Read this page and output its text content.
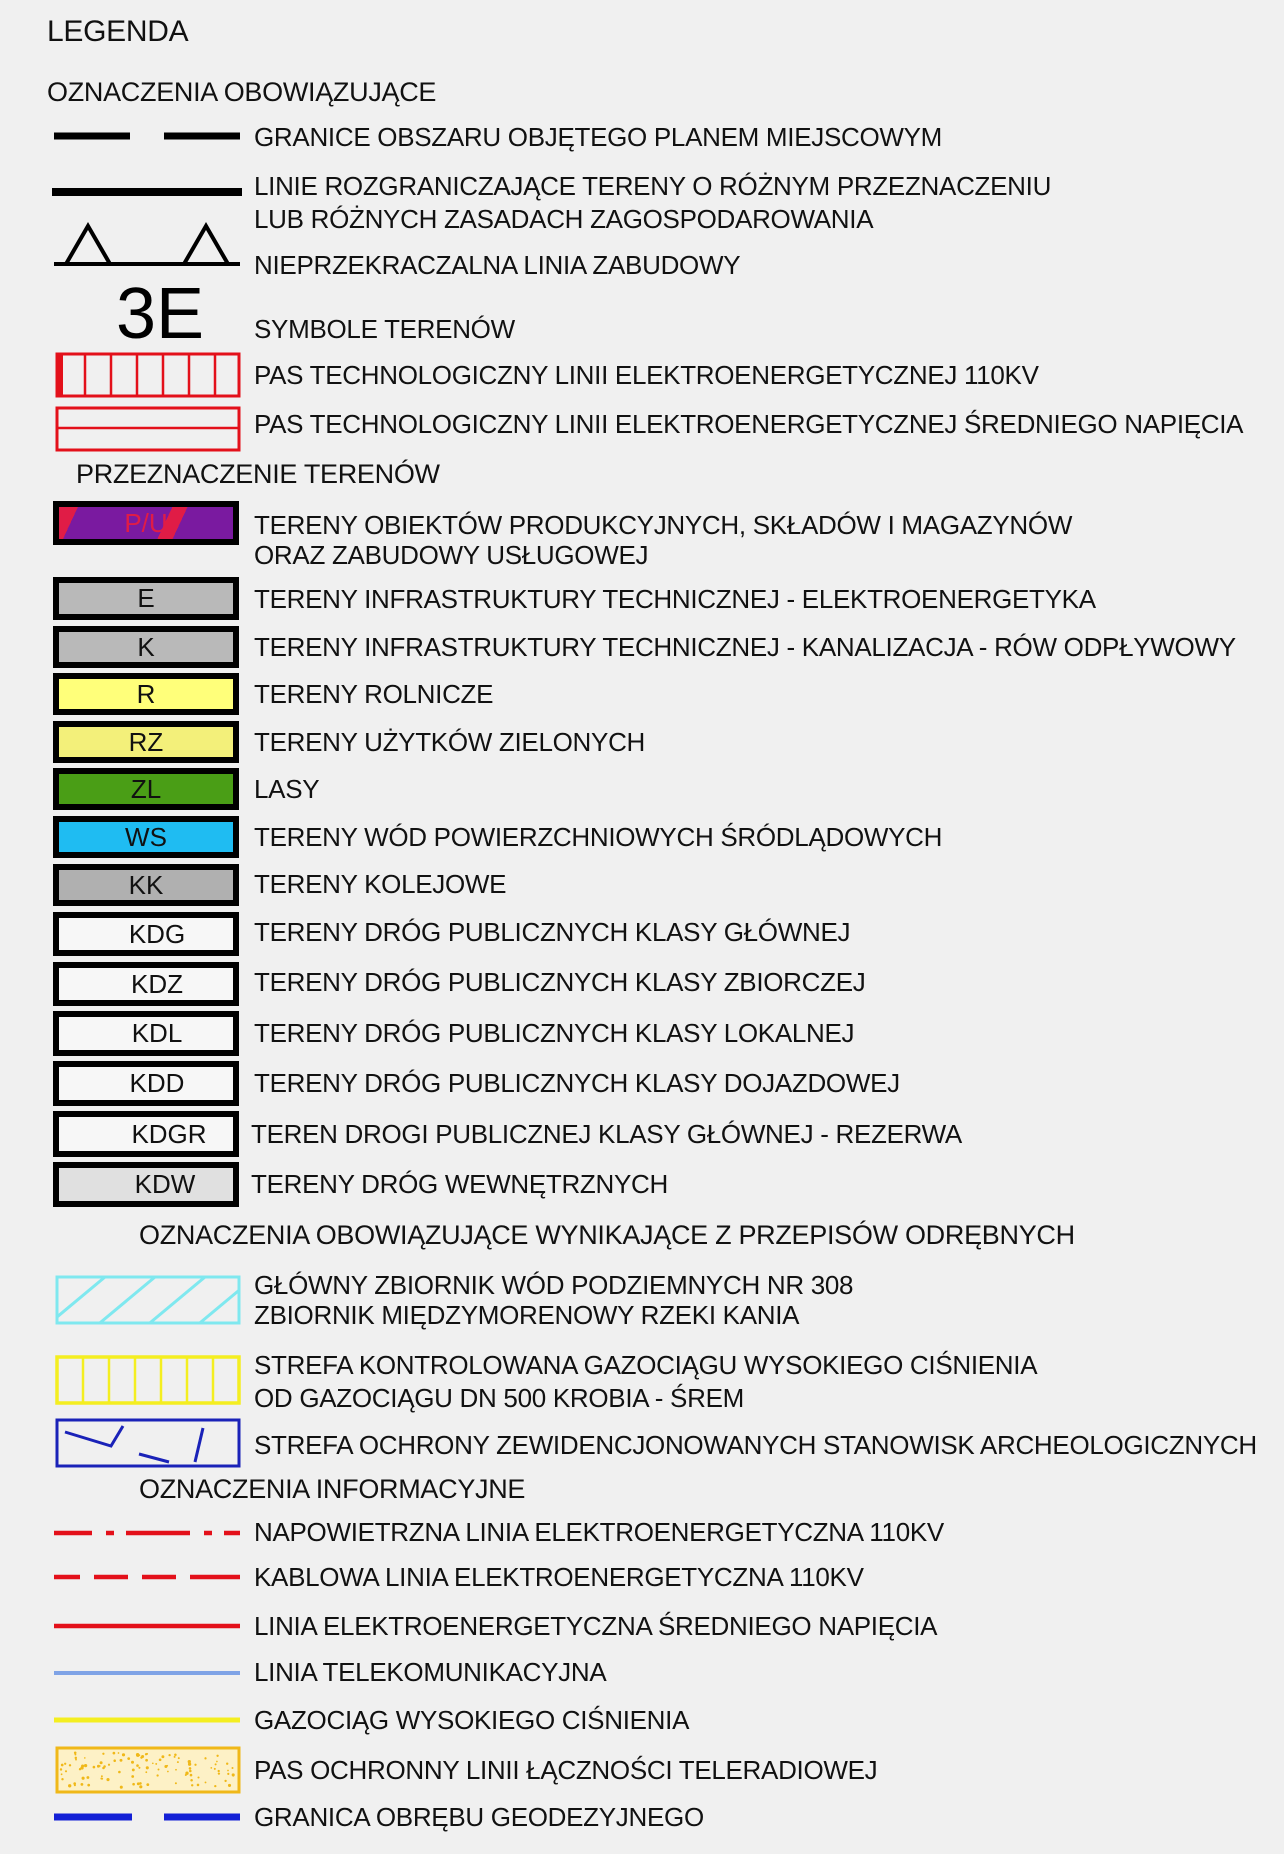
LEGENDA
OZNACZENIA OBOWIĄZUJĄCE
GRANICE OBSZARU OBJĘTEGO PLANEM MIEJSCOWYM
LINIE ROZGRANICZAJĄCE TERENY O RÓŻNYM PRZEZNACZENIU
LUB RÓŻNYCH ZASADACH ZAGOSPODAROWANIA
NIEPRZEKRACZALNA LINIA ZABUDOWY
3E SYMBOLE TERENÓW
PAS TECHNOLOGICZNY LINII ELEKTROENERGETYCZNEJ 110KV
PAS TECHNOLOGICZNY LINII ELEKTROENERGETYCZNEJ ŚREDNIEGO NAPIĘCIA
PRZEZNACZENIE TERENÓW
P/U	TERENY OBIEKTÓW PRODUKCYJNYCH, SKŁADÓW I MAGAZYNÓW
ORAZ ZABUDOWY USŁUGOWEJ
E	TERENY INFRASTRUKTURY TECHNICZNEJ - ELEKTROENERGETYKA
K	TERENY INFRASTRUKTURY TECHNICZNEJ - KANALIZACJA - RÓW ODPŁYWOWY
R	TERENY ROLNICZE
RZ	TERENY UŻYTKÓW ZIELONYCH
ZL	LASY
WS	TERENY WÓD POWIERZCHNIOWYCH ŚRÓDLĄDOWYCH
KK	TERENY KOLEJOWE
KDG	TERENY DRÓG PUBLICZNYCH KLASY GŁÓWNEJ
KDZ	TERENY DRÓG PUBLICZNYCH KLASY ZBIORCZEJ
KDL	TERENY DRÓG PUBLICZNYCH KLASY LOKALNEJ
KDD	TERENY DRÓG PUBLICZNYCH KLASY DOJAZDOWEJ
KDGR	TEREN DROGI PUBLICZNEJ KLASY GŁÓWNEJ - REZERWA
KDW	TERENY DRÓG WEWNĘTRZNYCH
OZNACZENIA OBOWIĄZUJĄCE WYNIKAJĄCE Z PRZEPISÓW ODRĘBNYCH
GŁÓWNY ZBIORNIK WÓD PODZIEMNYCH NR 308
ZBIORNIK MIĘDZYMORENOWY RZEKI KANIA
STREFA KONTROLOWANA GAZOCIĄGU WYSOKIEGO CIŚNIENIA
OD GAZOCIĄGU DN 500 KROBIA - ŚREM
STREFA OCHRONY ZEWIDENCJONOWANYCH STANOWISK ARCHEOLOGICZNYCH
OZNACZENIA INFORMACYJNE
NAPOWIETRZNA LINIA ELEKTROENERGETYCZNA 110KV
KABLOWA LINIA ELEKTROENERGETYCZNA 110KV
LINIA ELEKTROENERGETYCZNA ŚREDNIEGO NAPIĘCIA
LINIA TELEKOMUNIKACYJNA
GAZOCIĄG WYSOKIEGO CIŚNIENIA
PAS OCHRONNY LINII ŁĄCZNOŚCI TELERADIOWEJ
GRANICA OBRĘBU GEODEZYJNEGO
